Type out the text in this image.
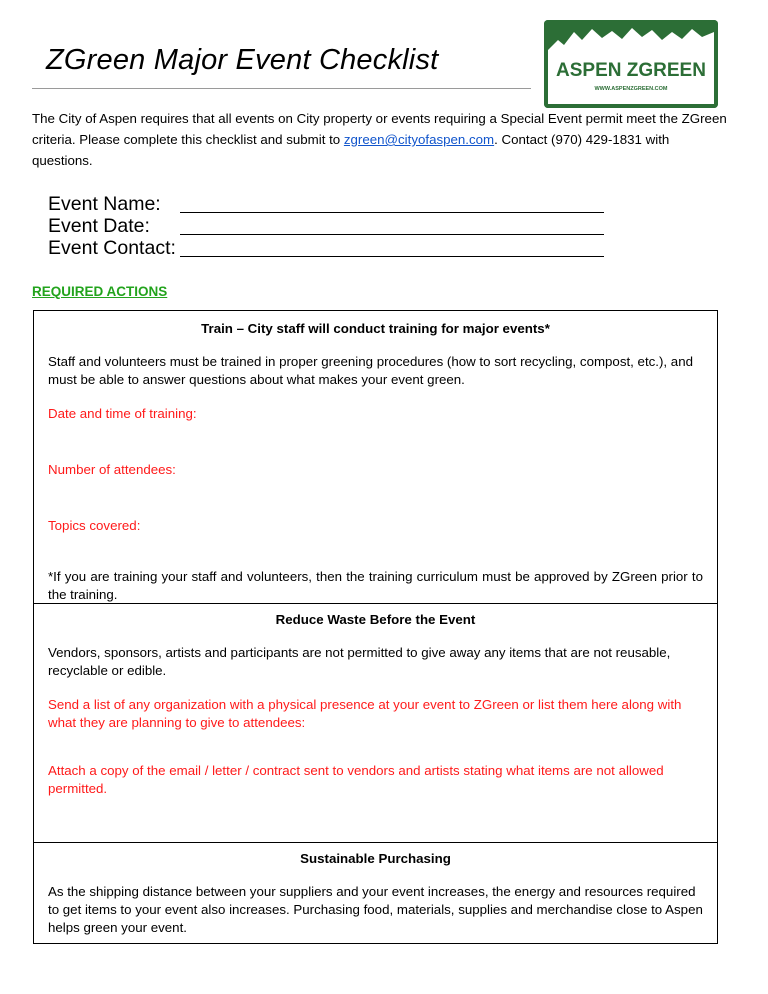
ZGreen Major Event Checklist	ASPEN ZGREEN
WWW.ASPENZGREEN.COM
The City of Aspen requires that all events on City property or events requiring a Special Event permit meet the ZGreen criteria. Please complete this checklist and submit to zgreen@cityofaspen.com. Contact (970) 429-1831 with questions.
Event Name:
Event Date:
Event Contact:
REQUIRED ACTIONS
Train – City staff will conduct training for major events*

Staff and volunteers must be trained in proper greening procedures (how to sort recycling, compost, etc.), and must be able to answer questions about what makes your event green.

Date and time of training:

Number of attendees:

Topics covered:

*If you are training your staff and volunteers, then the training curriculum must be approved by ZGreen prior to the training.

Reduce Waste Before the Event

Vendors, sponsors, artists and participants are not permitted to give away any items that are not reusable, recyclable or edible.

Send a list of any organization with a physical presence at your event to ZGreen or list them here along with what they are planning to give to attendees:

Attach a copy of the email / letter / contract sent to vendors and artists stating what items are not allowed permitted.

Sustainable Purchasing

As the shipping distance between your suppliers and your event increases, the energy and resources required to get items to your event also increases. Purchasing food, materials, supplies and merchandise close to Aspen helps green your event.
